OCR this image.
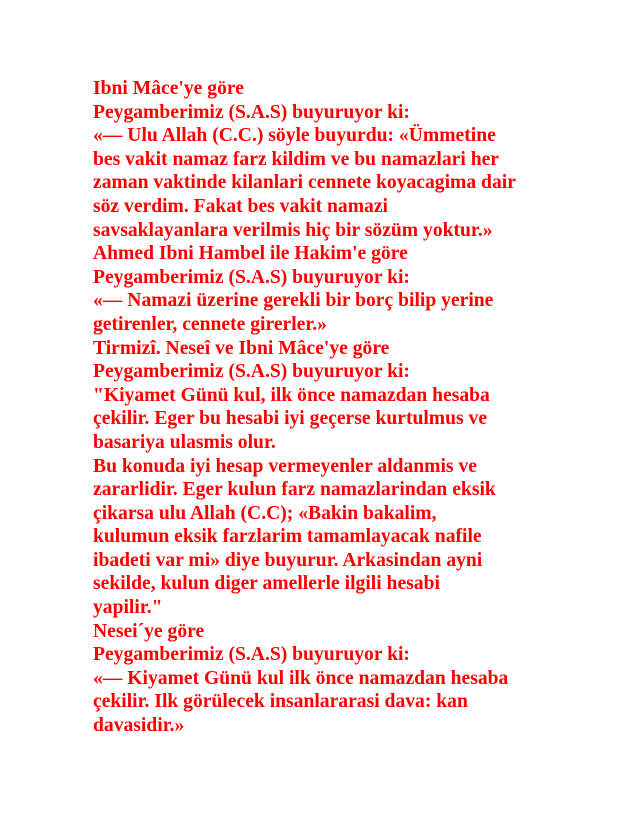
Ibni Mâce'ye göre
Peygamberimiz (S.A.S) buyuruyor ki:
«— Ulu Allah (C.C.) söyle buyurdu: «Ümmetine
bes vakit namaz farz kildim ve bu namazlari her
zaman vaktinde kilanlari cennete koyacagima dair
söz verdim. Fakat bes vakit namazi
savsaklayanlara verilmis hiç bir sözüm yoktur.»
Ahmed Ibni Hambel ile Hakim'e göre
Peygamberimiz (S.A.S) buyuruyor ki:
«— Namazi üzerine gerekli bir borç bilip yerine
getirenler, cennete girerler.»
Tirmizî. Neseî ve Ibni Mâce'ye göre
Peygamberimiz (S.A.S) buyuruyor ki:
"Kiyamet Günü kul, ilk önce namazdan hesaba
çekilir. Eger bu hesabi iyi geçerse kurtulmus ve
basariya ulasmis olur.
Bu konuda iyi hesap vermeyenler aldanmis ve
zararlidir. Eger kulun farz namazlarindan eksik
çikarsa ulu Allah (C.C); «Bakin bakalim,
kulumun eksik farzlarim tamamlayacak nafile
ibadeti var mi» diye buyurur. Arkasindan ayni
sekilde, kulun diger amellerle ilgili hesabi
yapilir."
Nesei´ye göre
Peygamberimiz (S.A.S) buyuruyor ki:
«— Kiyamet Günü kul ilk önce namazdan hesaba
çekilir. Ilk görülecek insanlararasi dava: kan
davasidir.»
